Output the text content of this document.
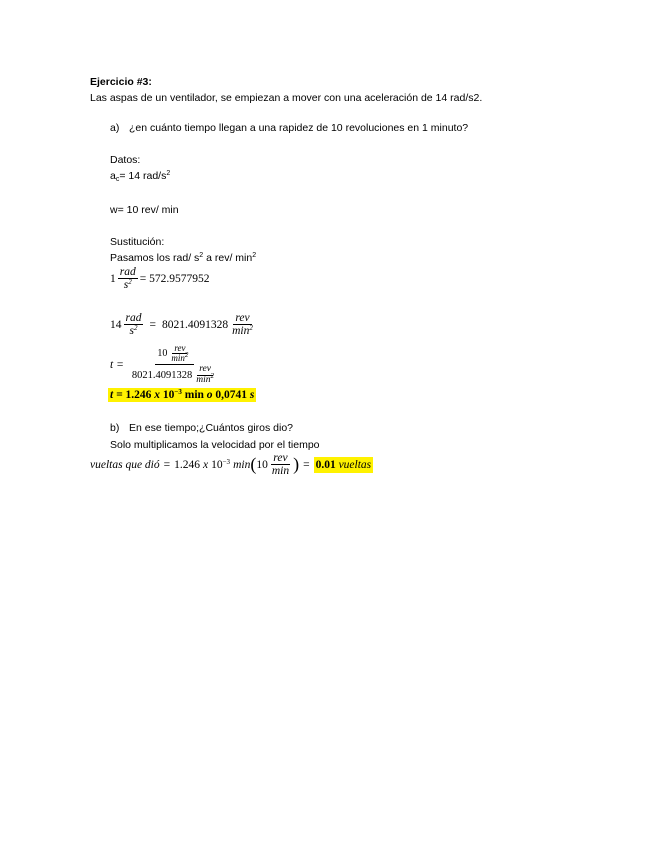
Ejercicio #3:
Las aspas de un ventilador, se empiezan a mover con una aceleración de 14 rad/s2.
a) ¿en cuánto tiempo llegan a una rapidez de 10 revoluciones en 1 minuto?
Datos:
$a_c= 14$ rad/$s^2$
w= 10 rev/ min
Sustitución:
Pasamos los rad/ $s^2$ a rev/ $\min^2$
$1 \frac{\text{rad}}{s^2} = 572.9577952$
$14 \frac{\text{rad}}{s^2} = 8021.4091328 \frac{\text{rev}}{\min^2}$
$t = \frac{10 \frac{\text{rev}}{\min^2}}{8021.4091328 \frac{\text{rev}}{\min^2}}$
t = 1.246 x $10^{-3}$ min o 0,0741 s
b) En ese tiempo;¿Cuántos giros dio?
Solo multiplicamos la velocidad por el tiempo
vueltas que dió = 1.246 x $10^{-3}$ min ( $10 \frac{\text{rev}}{\min}$ ) = 0.01 vueltas
